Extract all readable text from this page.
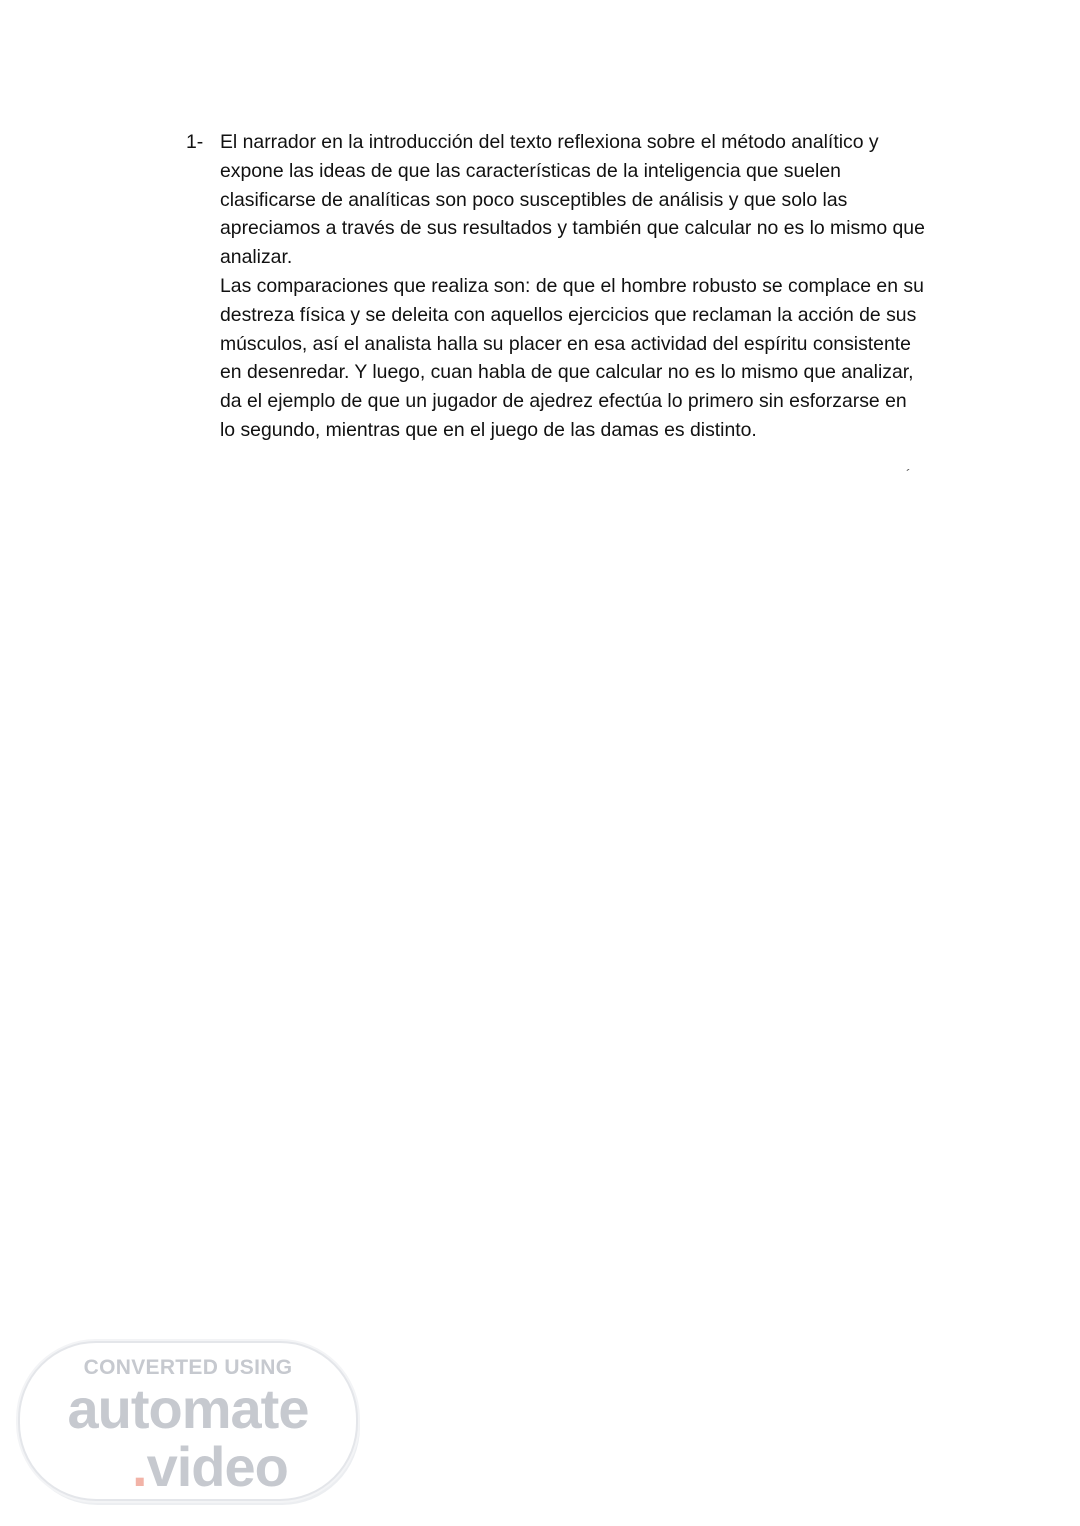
1- El narrador en la introducción del texto reflexiona sobre el método analítico y expone las ideas de que las características de la inteligencia que suelen clasificarse de analíticas son poco susceptibles de análisis y que solo las apreciamos a través de sus resultados y también que calcular no es lo mismo que analizar.

Las comparaciones que realiza son: de que el hombre robusto se complace en su destreza física y se deleita con aquellos ejercicios que reclaman la acción de sus músculos, así el analista halla su placer en esa actividad del espíritu consistente en desenredar. Y luego, cuan habla de que calcular no es lo mismo que analizar, da el ejemplo de que un jugador de ajedrez efectúa lo primero sin esforzarse en lo segundo, mientras que en el juego de las damas es distinto.

´
CONVERTED USING
automate
.video
